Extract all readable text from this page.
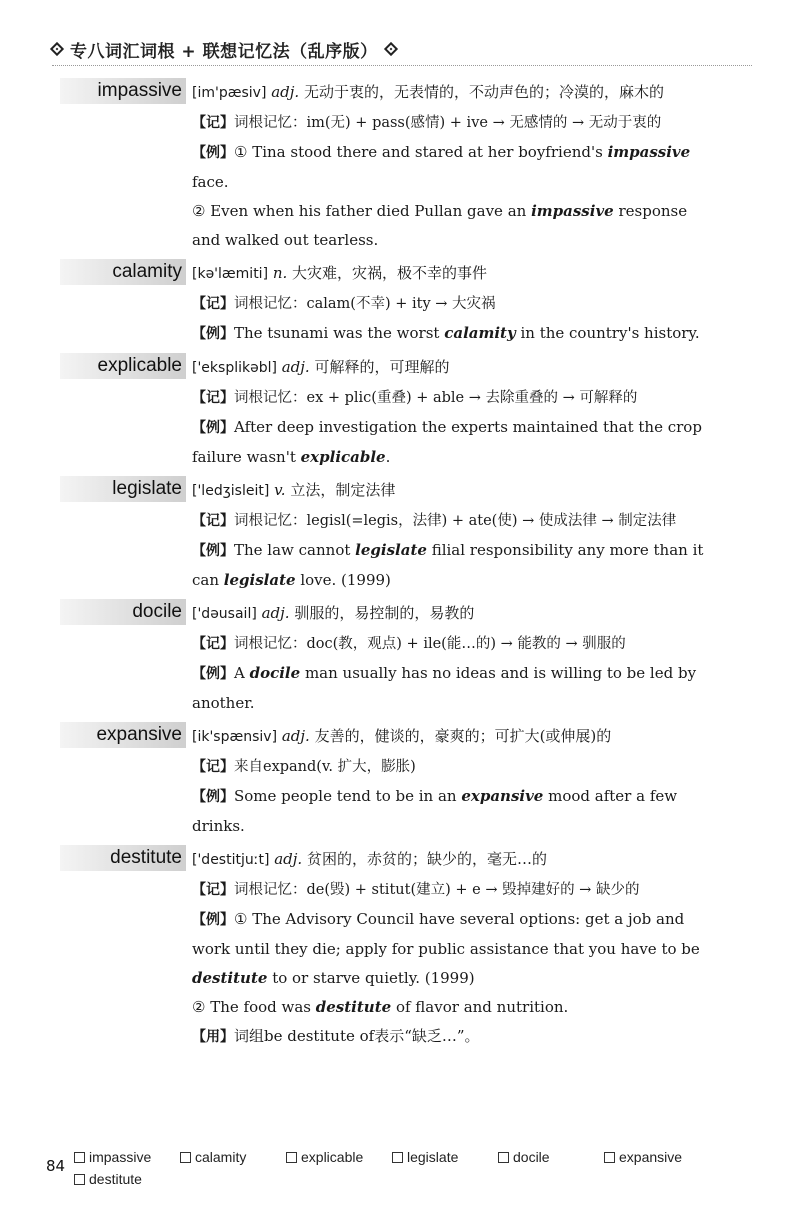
专八词汇词根 + 联想记忆法（乱序版）
impassive [im'pæsiv] adj. 无动于衷的，无表情的，不动声色的；冷漠的，麻木的
【记】词根记忆：im(无) + pass(感情) + ive → 无感情的 → 无动于衷的
【例】① Tina stood there and stared at her boyfriend's impassive face.
② Even when his father died Pullan gave an impassive response and walked out tearless.
calamity [kə'læmiti] n. 大灾难，灾祸，极不幸的事件
【记】词根记忆：calam(不幸) + ity → 大灾祸
【例】The tsunami was the worst calamity in the country's history.
explicable ['eksplikəbl] adj. 可解释的，可理解的
【记】词根记忆：ex + plic(重叠) + able → 去除重叠的 → 可解释的
【例】After deep investigation the experts maintained that the crop failure wasn't explicable.
legislate ['ledʒisleit] v. 立法，制定法律
【记】词根记忆：legisl(=legis，法律) + ate(使) → 使成法律 → 制定法律
【例】The law cannot legislate filial responsibility any more than it can legislate love. (1999)
docile ['dəusail] adj. 驯服的，易控制的，易教的
【记】词根记忆：doc(教，观点) + ile(能…的) → 能教的 → 驯服的
【例】A docile man usually has no ideas and is willing to be led by another.
expansive [ik'spænsiv] adj. 友善的，健谈的，豪爽的；可扩大(或伸展)的
【记】来自expand(v. 扩大，膨胀)
【例】Some people tend to be in an expansive mood after a few drinks.
destitute ['destitjuːt] adj. 贫困的，赤贫的；缺少的，毫无…的
【记】词根记忆：de(毁) + stitut(建立) + e → 毁掉建好的 → 缺少的
【例】① The Advisory Council have several options: get a job and work until they die; apply for public assistance that you have to be destitute to or starve quietly. (1999)
② The food was destitute of flavor and nutrition.
【用】词组be destitute of表示“缺乏…”。
84 impassive	calamity	explicable	legislate	docile	expansive
destitute
